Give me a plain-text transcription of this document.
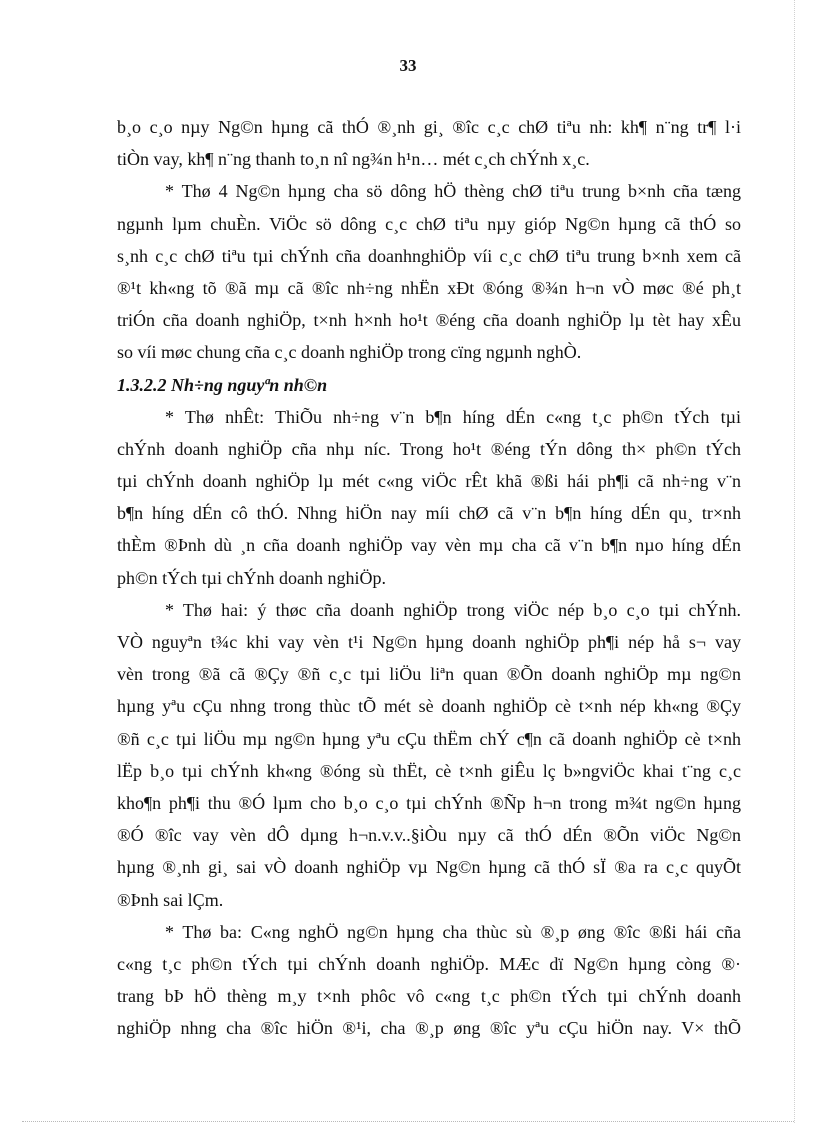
33
b¸o c¸o nµy Ng©n hµng cã thÓ ®¸nh gi¸ ®îc c¸c chØ tiªu nh: kh¶ n¨ng tr¶ l·i
tiÒn vay, kh¶ n¨ng thanh to¸n nî ng¾n h¹n… mét c¸ch chÝnh x¸c.
* Thø 4 Ng©n hµng cha sö dông hÖ thèng chØ tiªu trung b×nh cña tæng
ngµnh lµm chuÈn. ViÖc sö dông c¸c chØ tiªu nµy gióp Ng©n hµng cã thÓ so
s¸nh c¸c chØ tiªu tµi chÝnh cña doanhnghiÖp víi c¸c chØ tiªu trung b×nh xem cã
®¹t kh«ng tõ ®ã mµ cã ®îc nh÷ng nhËn xÐt ®óng ®¾n h¬n vÒ møc ®é ph¸t
triÓn cña doanh nghiÖp, t×nh h×nh ho¹t ®éng cña doanh nghiÖp lµ tèt hay xÊu
so víi møc chung cña c¸c doanh nghiÖp trong cïng ngµnh nghÒ.
1.3.2.2 Nh÷ng nguyªn nh©n
* Thø nhÊt: ThiÕu nh÷ng v¨n b¶n híng dÉn c«ng t¸c ph©n tÝch tµi
chÝnh doanh nghiÖp cña nhµ níc. Trong ho¹t ®éng tÝn dông th× ph©n tÝch
tµi chÝnh doanh nghiÖp lµ mét c«ng viÖc rÊt khã ®ßi hái ph¶i cã nh÷ng v¨n
b¶n híng dÉn cô thÓ. Nhng hiÖn nay míi chØ cã v¨n b¶n híng dÉn qu¸ tr×nh
thÈm ®Þnh dù ¸n cña doanh nghiÖp vay vèn mµ cha cã v¨n b¶n nµo híng dÉn
ph©n tÝch tµi chÝnh doanh nghiÖp.
* Thø hai: ý thøc cña doanh nghiÖp trong viÖc nép b¸o c¸o tµi chÝnh.
VÒ nguyªn t¾c khi vay vèn t¹i Ng©n hµng doanh nghiÖp ph¶i nép hå s¬ vay
vèn trong ®ã cã ®Çy ®ñ c¸c tµi liÖu liªn quan ®Õn doanh nghiÖp mµ ng©n
hµng yªu cÇu nhng trong thùc tÕ mét sè doanh nghiÖp cè t×nh nép kh«ng ®Çy
®ñ c¸c tµi liÖu mµ ng©n hµng yªu cÇu thËm chÝ c¶n cã doanh nghiÖp cè t×nh
lËp b¸o tµi chÝnh kh«ng ®óng sù thËt, cè t×nh giÊu lç b»ngviÖc khai t¨ng c¸c
kho¶n ph¶i thu ®Ó lµm cho b¸o c¸o tµi chÝnh ®Ñp h¬n trong m¾t ng©n hµng
®Ó ®îc vay vèn dÔ dµng h¬n.v.v..§iÒu nµy cã thÓ dÉn ®Õn viÖc Ng©n
hµng ®¸nh gi¸ sai vÒ doanh nghiÖp vµ Ng©n hµng cã thÓ sÏ ®a ra c¸c quyÕt
®Þnh sai lÇm.
* Thø ba: C«ng nghÖ ng©n hµng cha thùc sù ®¸p øng ®îc ®ßi hái cña
c«ng t¸c ph©n tÝch tµi chÝnh doanh nghiÖp. MÆc dï Ng©n hµng còng ®·
trang bÞ hÖ thèng m¸y t×nh phôc vô c«ng t¸c ph©n tÝch tµi chÝnh doanh
nghiÖp nhng cha ®îc hiÖn ®¹i, cha ®¸p øng ®îc yªu cÇu hiÖn nay. V× thÕ
